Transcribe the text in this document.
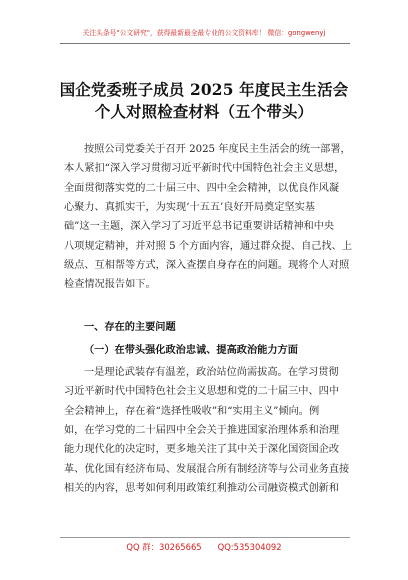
关注头条号"公文研究"，获得最新最全最专业的公文资料库！ 微信：gongwenyj
国企党委班子成员 2025 年度民主生活会
个人对照检查材料（五个带头）
按照公司党委关于召开 2025 年度民主生活会的统一部署，
本人紧扣“深入学习贯彻习近平新时代中国特色社会主义思想，
全面贯彻落实党的二十届三中、四中全会精神，以优良作风凝
心聚力、真抓实干，为实现‘十五五’良好开局奠定坚实基
础”这一主题，深入学习了习近平总书记重要讲话精神和中央
八项规定精神，并对照 5 个方面内容，通过群众提、自己找、上
级点、互相帮等方式，深入查摆自身存在的问题。现将个人对照
检查情况报告如下。
一、存在的主要问题
（一）在带头强化政治忠诚、提高政治能力方面
一是理论武装存有温差，政治站位尚需拔高。在学习贯彻
习近平新时代中国特色社会主义思想和党的二十届三中、四中
全会精神上，存在着“选择性吸收”和“实用主义”倾向。例
如，在学习党的二十届四中全会关于推进国家治理体系和治理
能力现代化的决定时，更多地关注了其中关于深化国资国企改
革、优化国有经济布局、发展混合所有制经济等与公司业务直接
相关的内容，思考如何利用政策红利推动公司融资模式创新和
QQ 群：30265665 QQ:535304092
